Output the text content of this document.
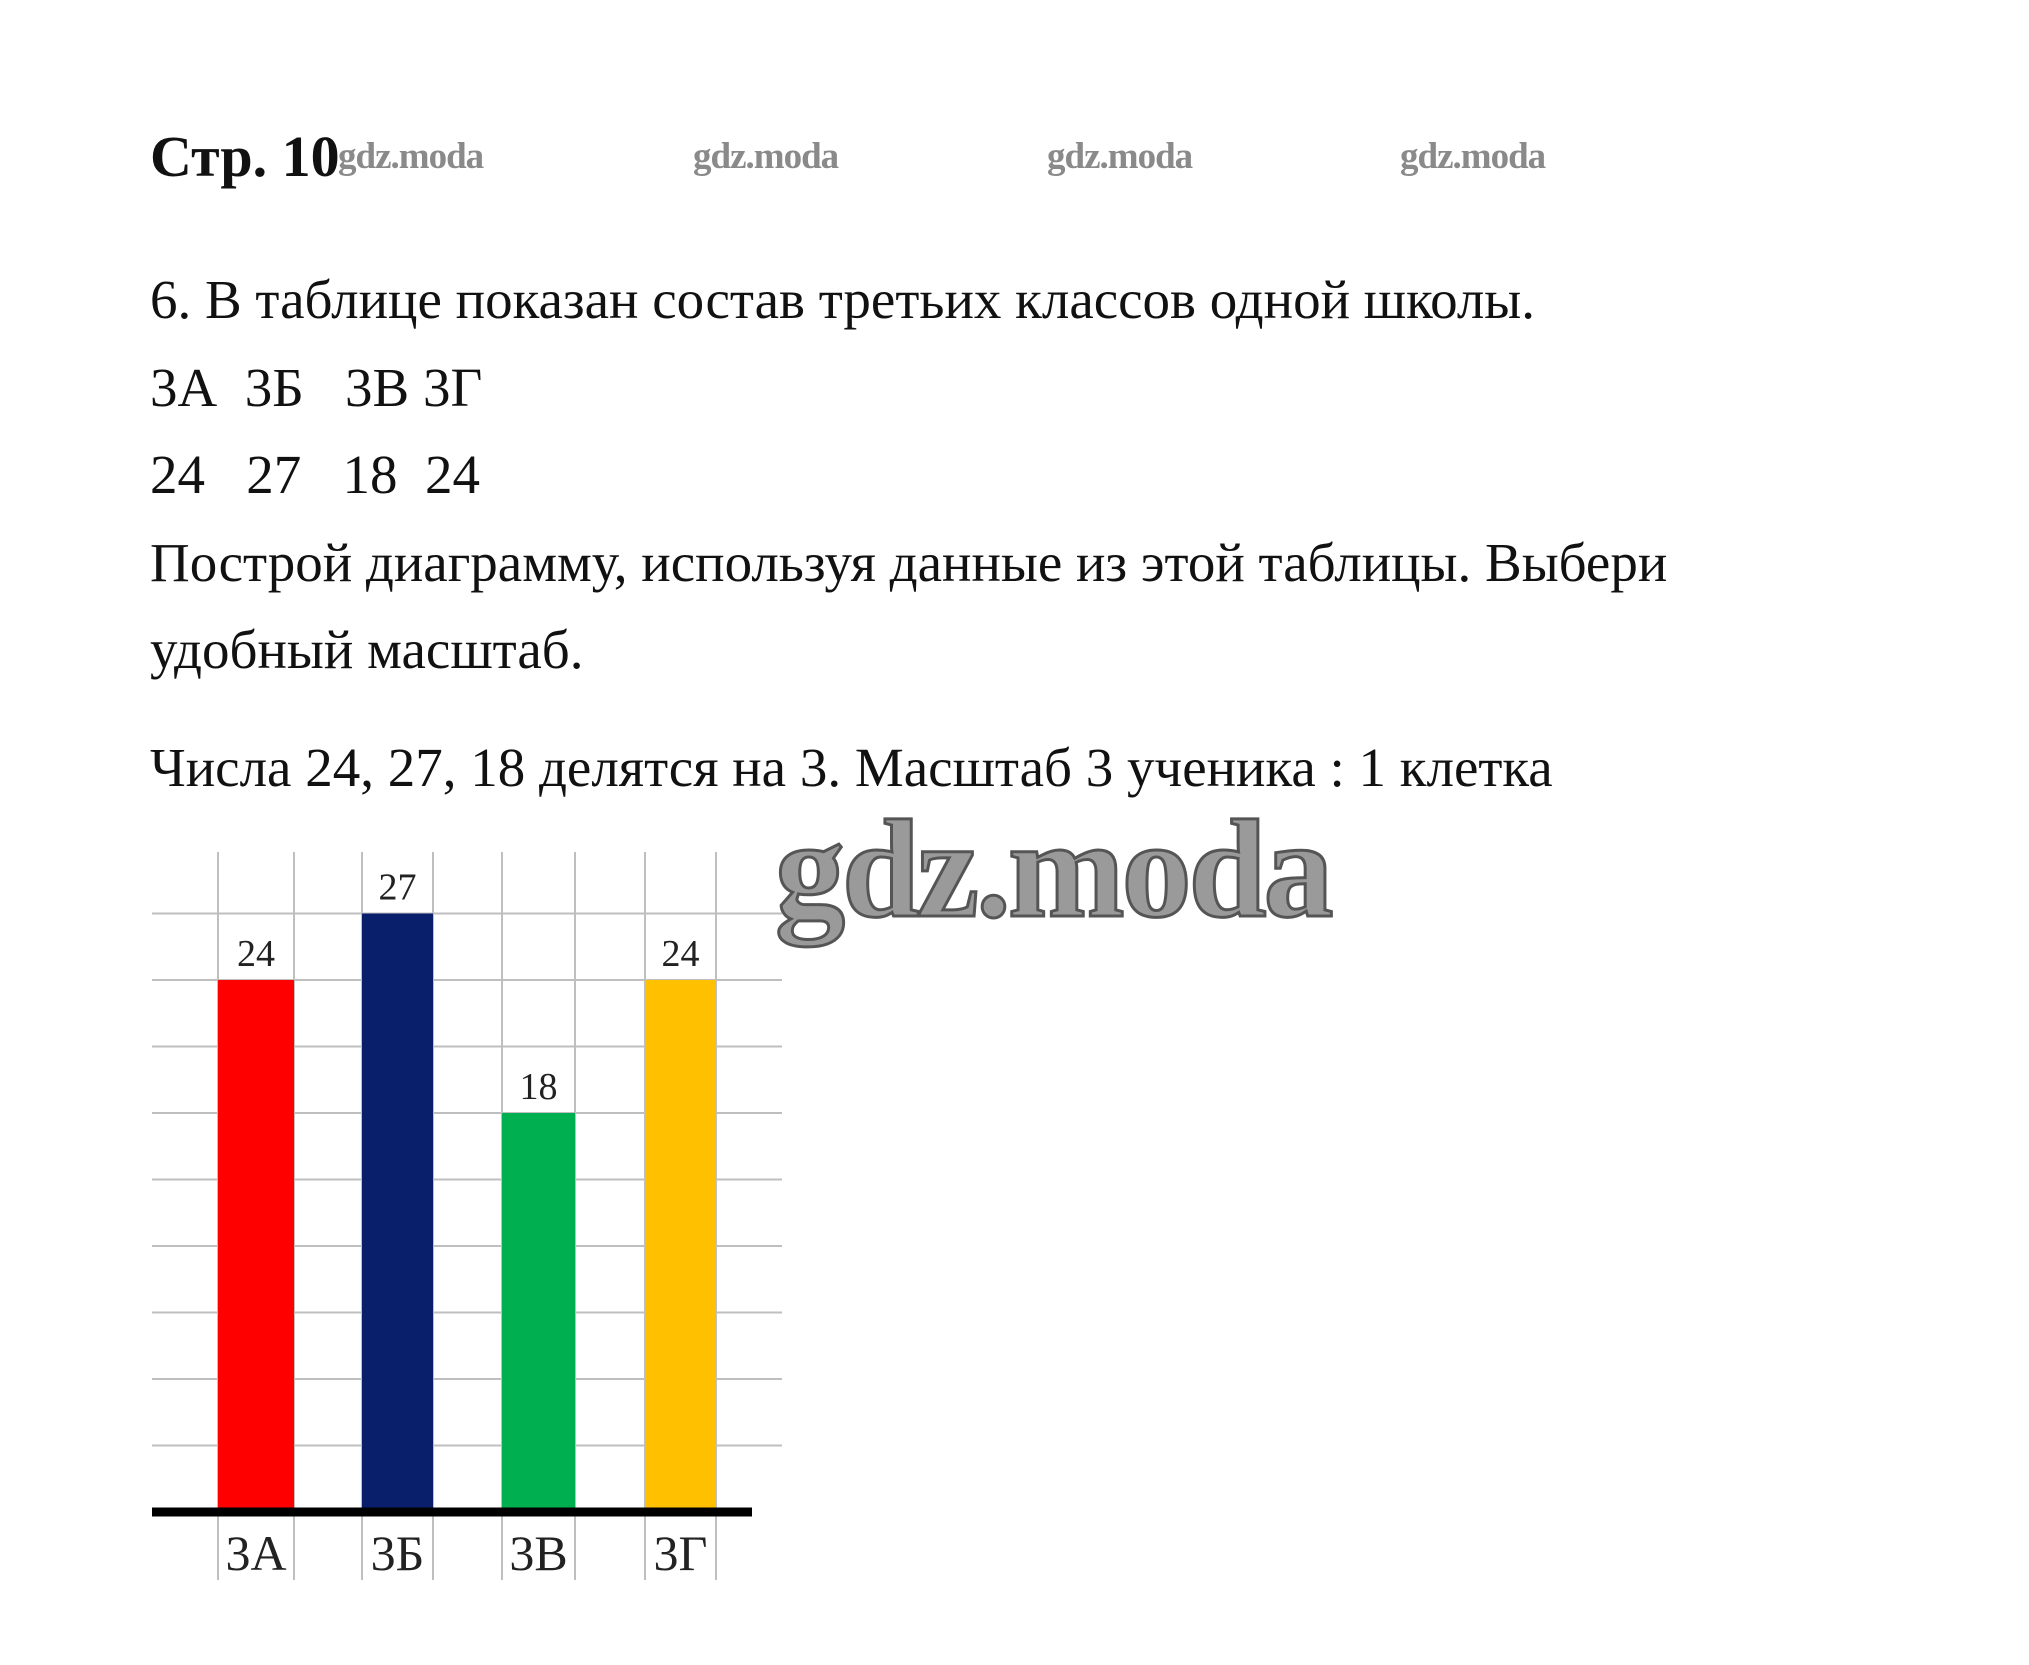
Стр. 10
gdz.moda	gdz.moda	gdz.moda	gdz.moda
6. В таблице показан состав третьих классов одной школы.
3А  3Б   3В 3Г
24   27   18  24
Построй диаграмму, используя данные из этой таблицы. Выбери
удобный масштаб.
Числа 24, 27, 18 делятся на 3. Масштаб 3 ученика : 1 клетка
24
3А
27
3Б
18
3В
24
3Г
gdz.moda
